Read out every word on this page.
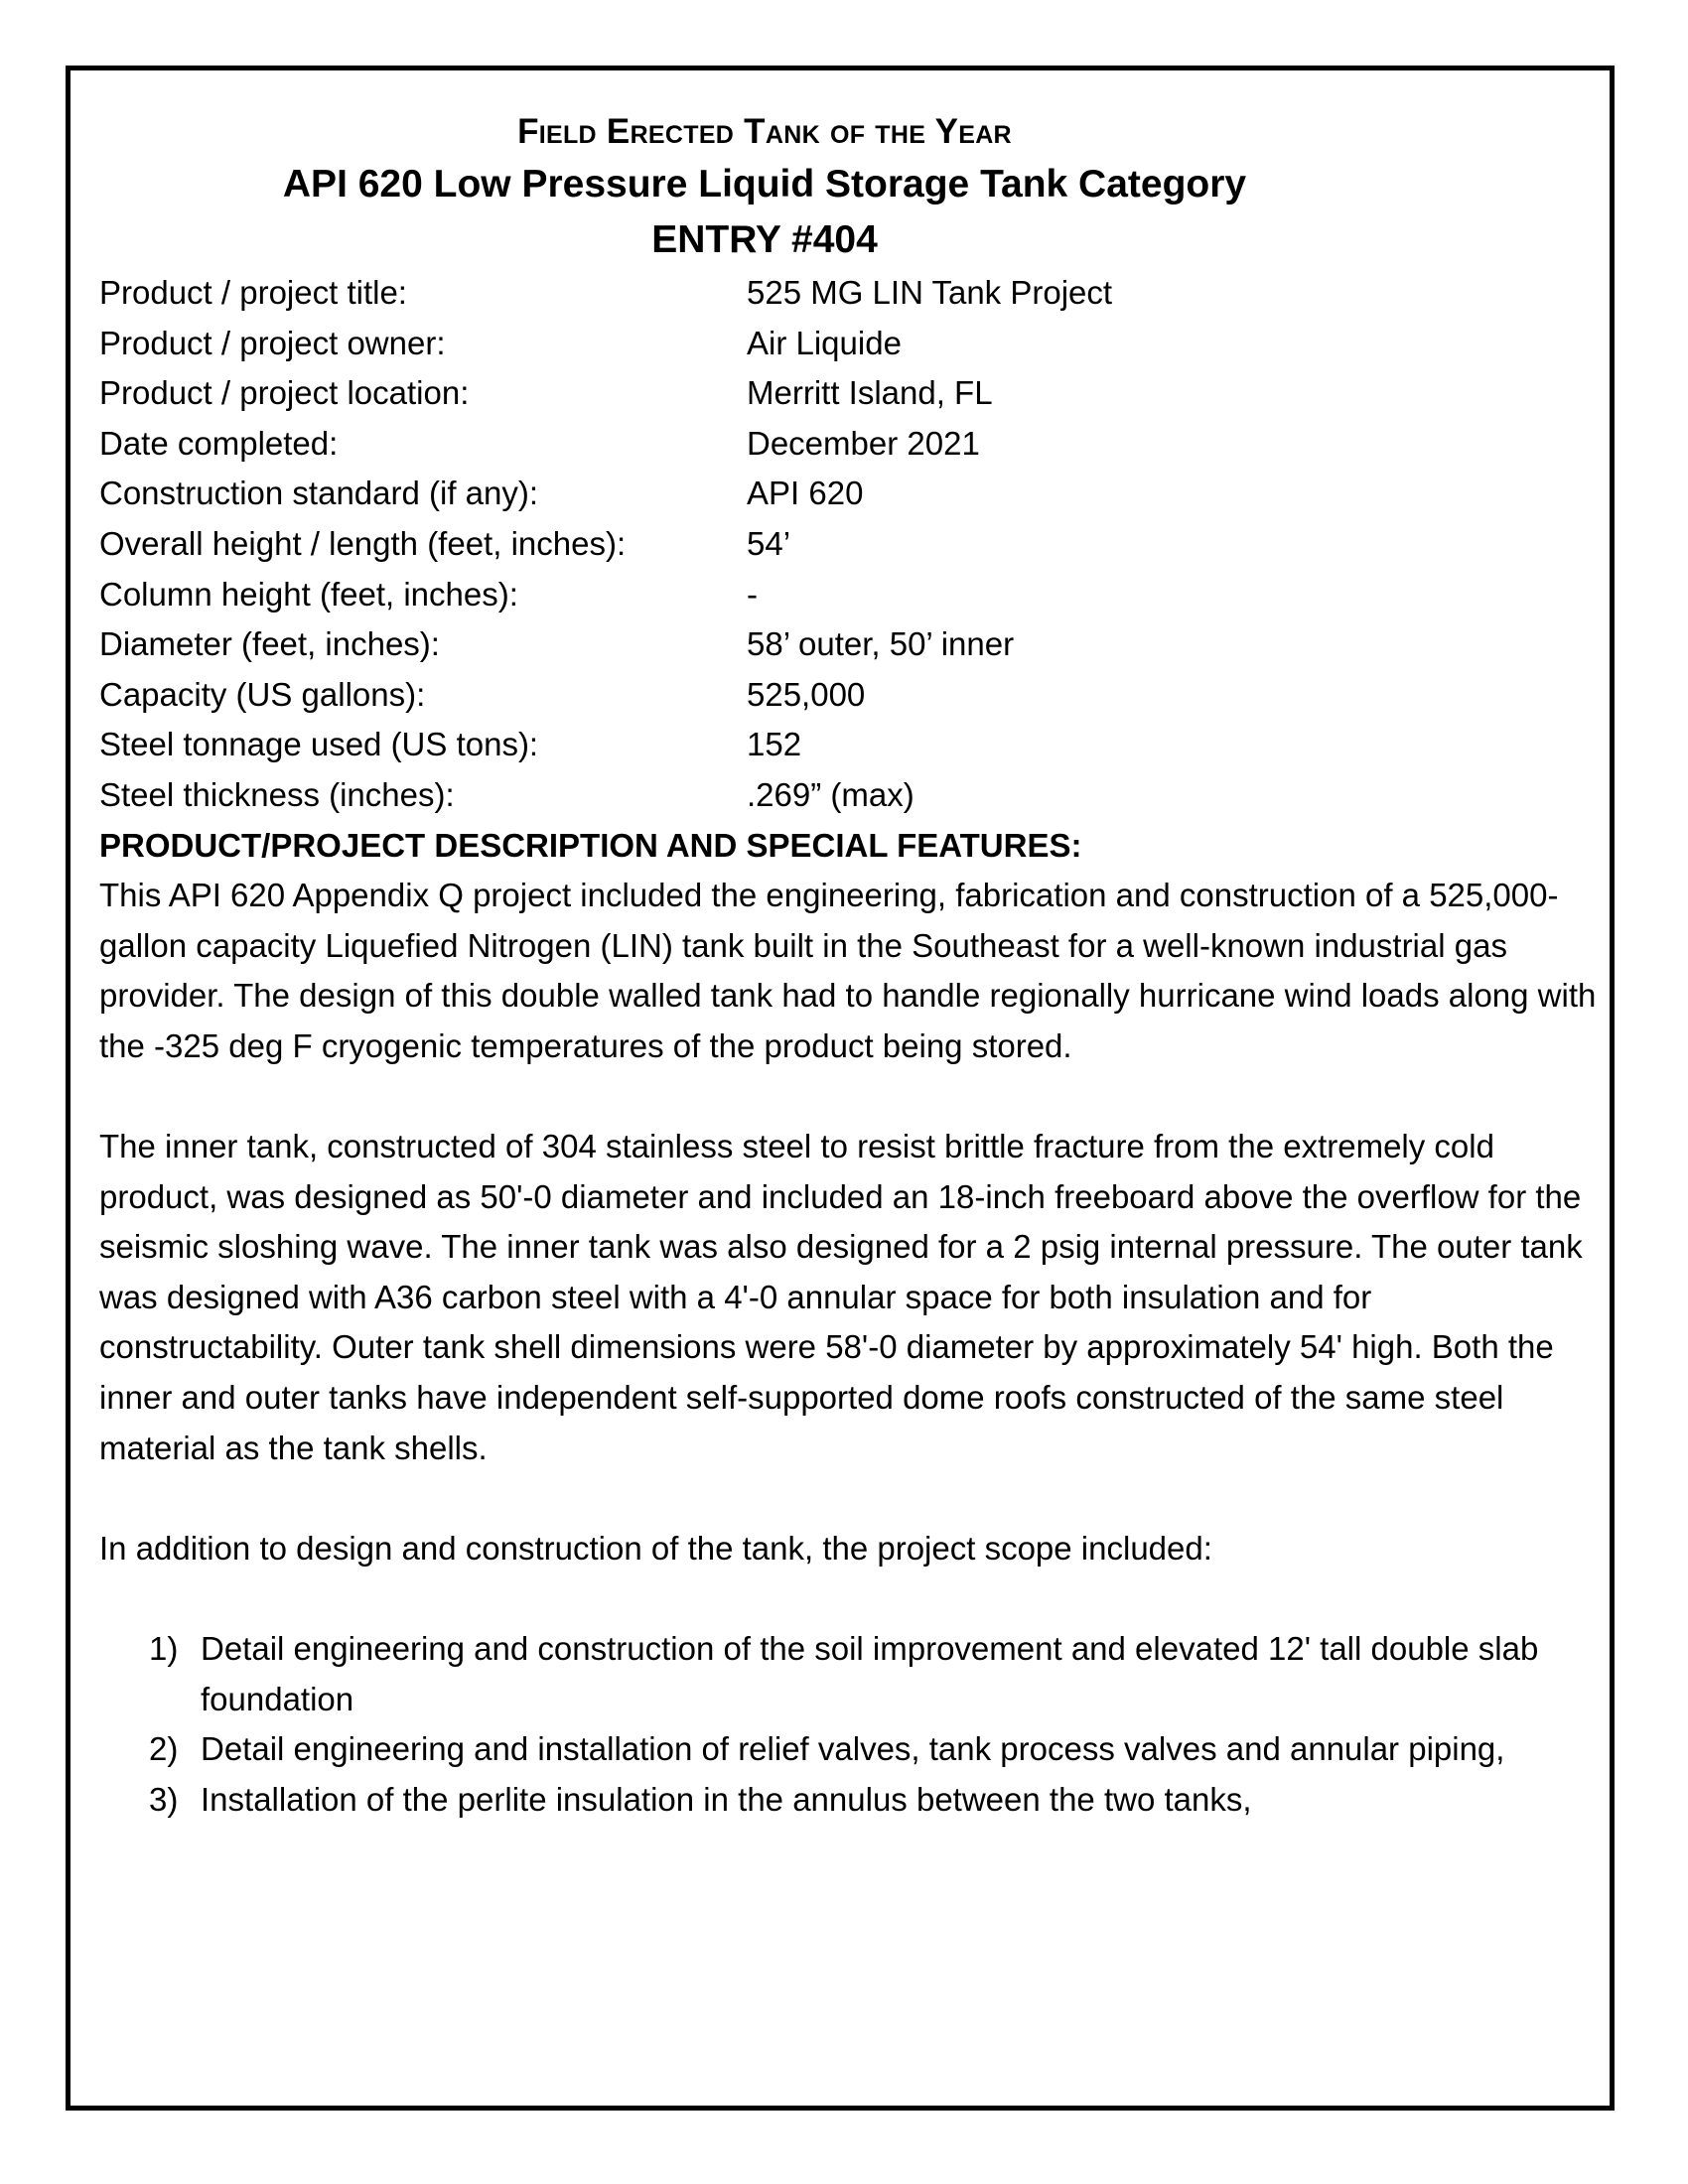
Field Erected Tank of the Year
API 620 Low Pressure Liquid Storage Tank Category
ENTRY #404
Product / project title:	525 MG LIN Tank Project
Product / project owner:	Air Liquide
Product / project location:	Merritt Island, FL
Date completed:	December 2021
Construction standard (if any):	API 620
Overall height / length (feet, inches):	54’
Column height (feet, inches):	-
Diameter (feet, inches):	58’ outer, 50’ inner
Capacity (US gallons):	525,000
Steel tonnage used (US tons):	152
Steel thickness (inches):	.269” (max)
PRODUCT/PROJECT DESCRIPTION AND SPECIAL FEATURES:

This API 620 Appendix Q project included the engineering, fabrication and construction of a 525,000-gallon capacity Liquefied Nitrogen (LIN) tank built in the Southeast for a well-known industrial gas provider. The design of this double walled tank had to handle regionally hurricane wind loads along with the -325 deg F cryogenic temperatures of the product being stored.

The inner tank, constructed of 304 stainless steel to resist brittle fracture from the extremely cold product, was designed as 50'-0 diameter and included an 18-inch freeboard above the overflow for the seismic sloshing wave. The inner tank was also designed for a 2 psig internal pressure. The outer tank was designed with A36 carbon steel with a 4'-0 annular space for both insulation and for constructability. Outer tank shell dimensions were 58'-0 diameter by approximately 54' high. Both the inner and outer tanks have independent self-supported dome roofs constructed of the same steel material as the tank shells.

In addition to design and construction of the tank, the project scope included:

1) Detail engineering and construction of the soil improvement and elevated 12' tall double slab foundation
2) Detail engineering and installation of relief valves, tank process valves and annular piping,
3) Installation of the perlite insulation in the annulus between the two tanks,
